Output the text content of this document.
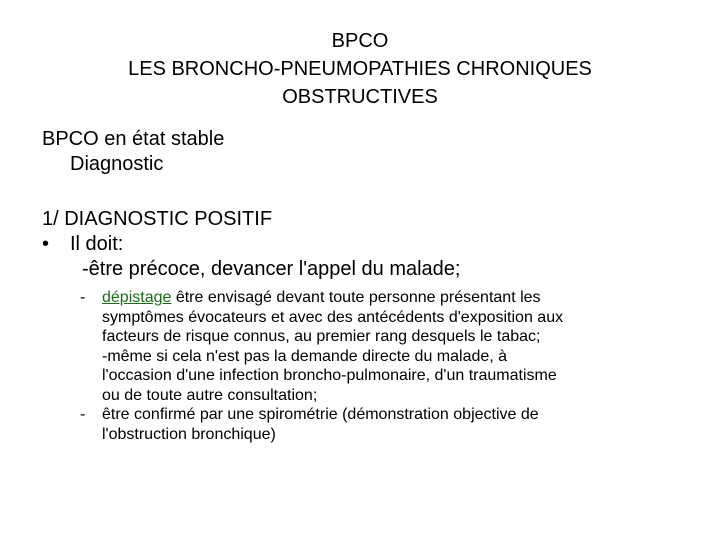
BPCO
LES BRONCHO-PNEUMOPATHIES CHRONIQUES
OBSTRUCTIVES
BPCO en état stable
Diagnostic
1/ DIAGNOSTIC POSITIF
• Il doit:
-être précoce, devancer l'appel du malade;
-	dépistage être envisagé devant toute personne présentant les
symptômes évocateurs et avec des antécédents d'exposition aux
facteurs de risque connus, au premier rang desquels le tabac;
-même si cela n'est pas la demande directe du malade, à
l'occasion d'une infection broncho-pulmonaire, d'un traumatisme
ou de toute autre consultation;
-	être confirmé par une spirométrie (démonstration objective de
l'obstruction bronchique)
